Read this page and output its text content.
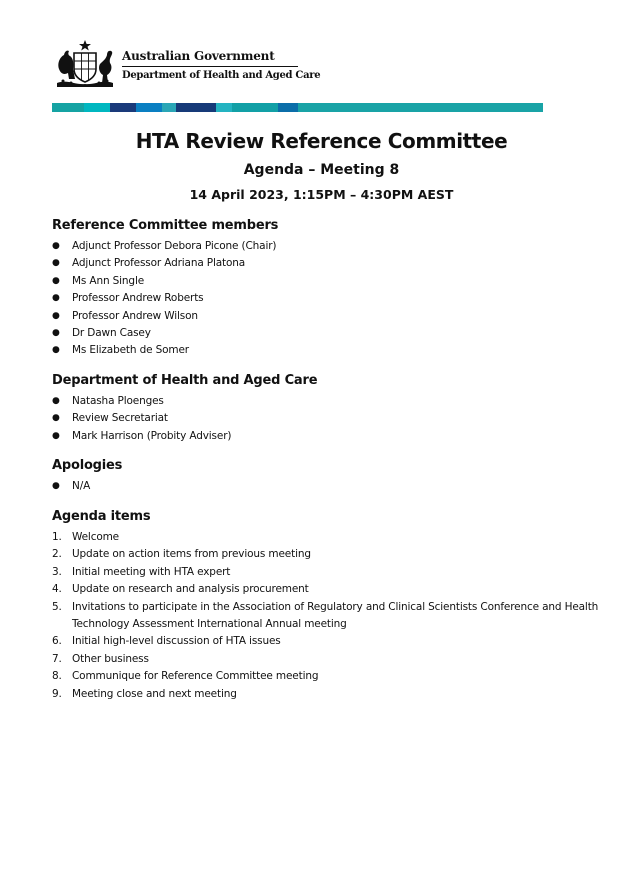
Australian Government
Department of Health and Aged Care
HTA Review Reference Committee
Agenda – Meeting 8
14 April 2023, 1:15PM – 4:30PM AEST
Reference Committee members
●	Adjunct Professor Debora Picone (Chair)
●	Adjunct Professor Adriana Platona
●	Ms Ann Single
●	Professor Andrew Roberts
●	Professor Andrew Wilson
●	Dr Dawn Casey
●	Ms Elizabeth de Somer
Department of Health and Aged Care
●	Natasha Ploenges
●	Review Secretariat
●	Mark Harrison (Probity Adviser)
Apologies
●	N/A
Agenda items
1. Welcome
2. Update on action items from previous meeting
3. Initial meeting with HTA expert
4. Update on research and analysis procurement
5. Invitations to participate in the Association of Regulatory and Clinical Scientists Conference and Health Technology Assessment International Annual meeting
6. Initial high-level discussion of HTA issues
7. Other business
8. Communique for Reference Committee meeting
9. Meeting close and next meeting
